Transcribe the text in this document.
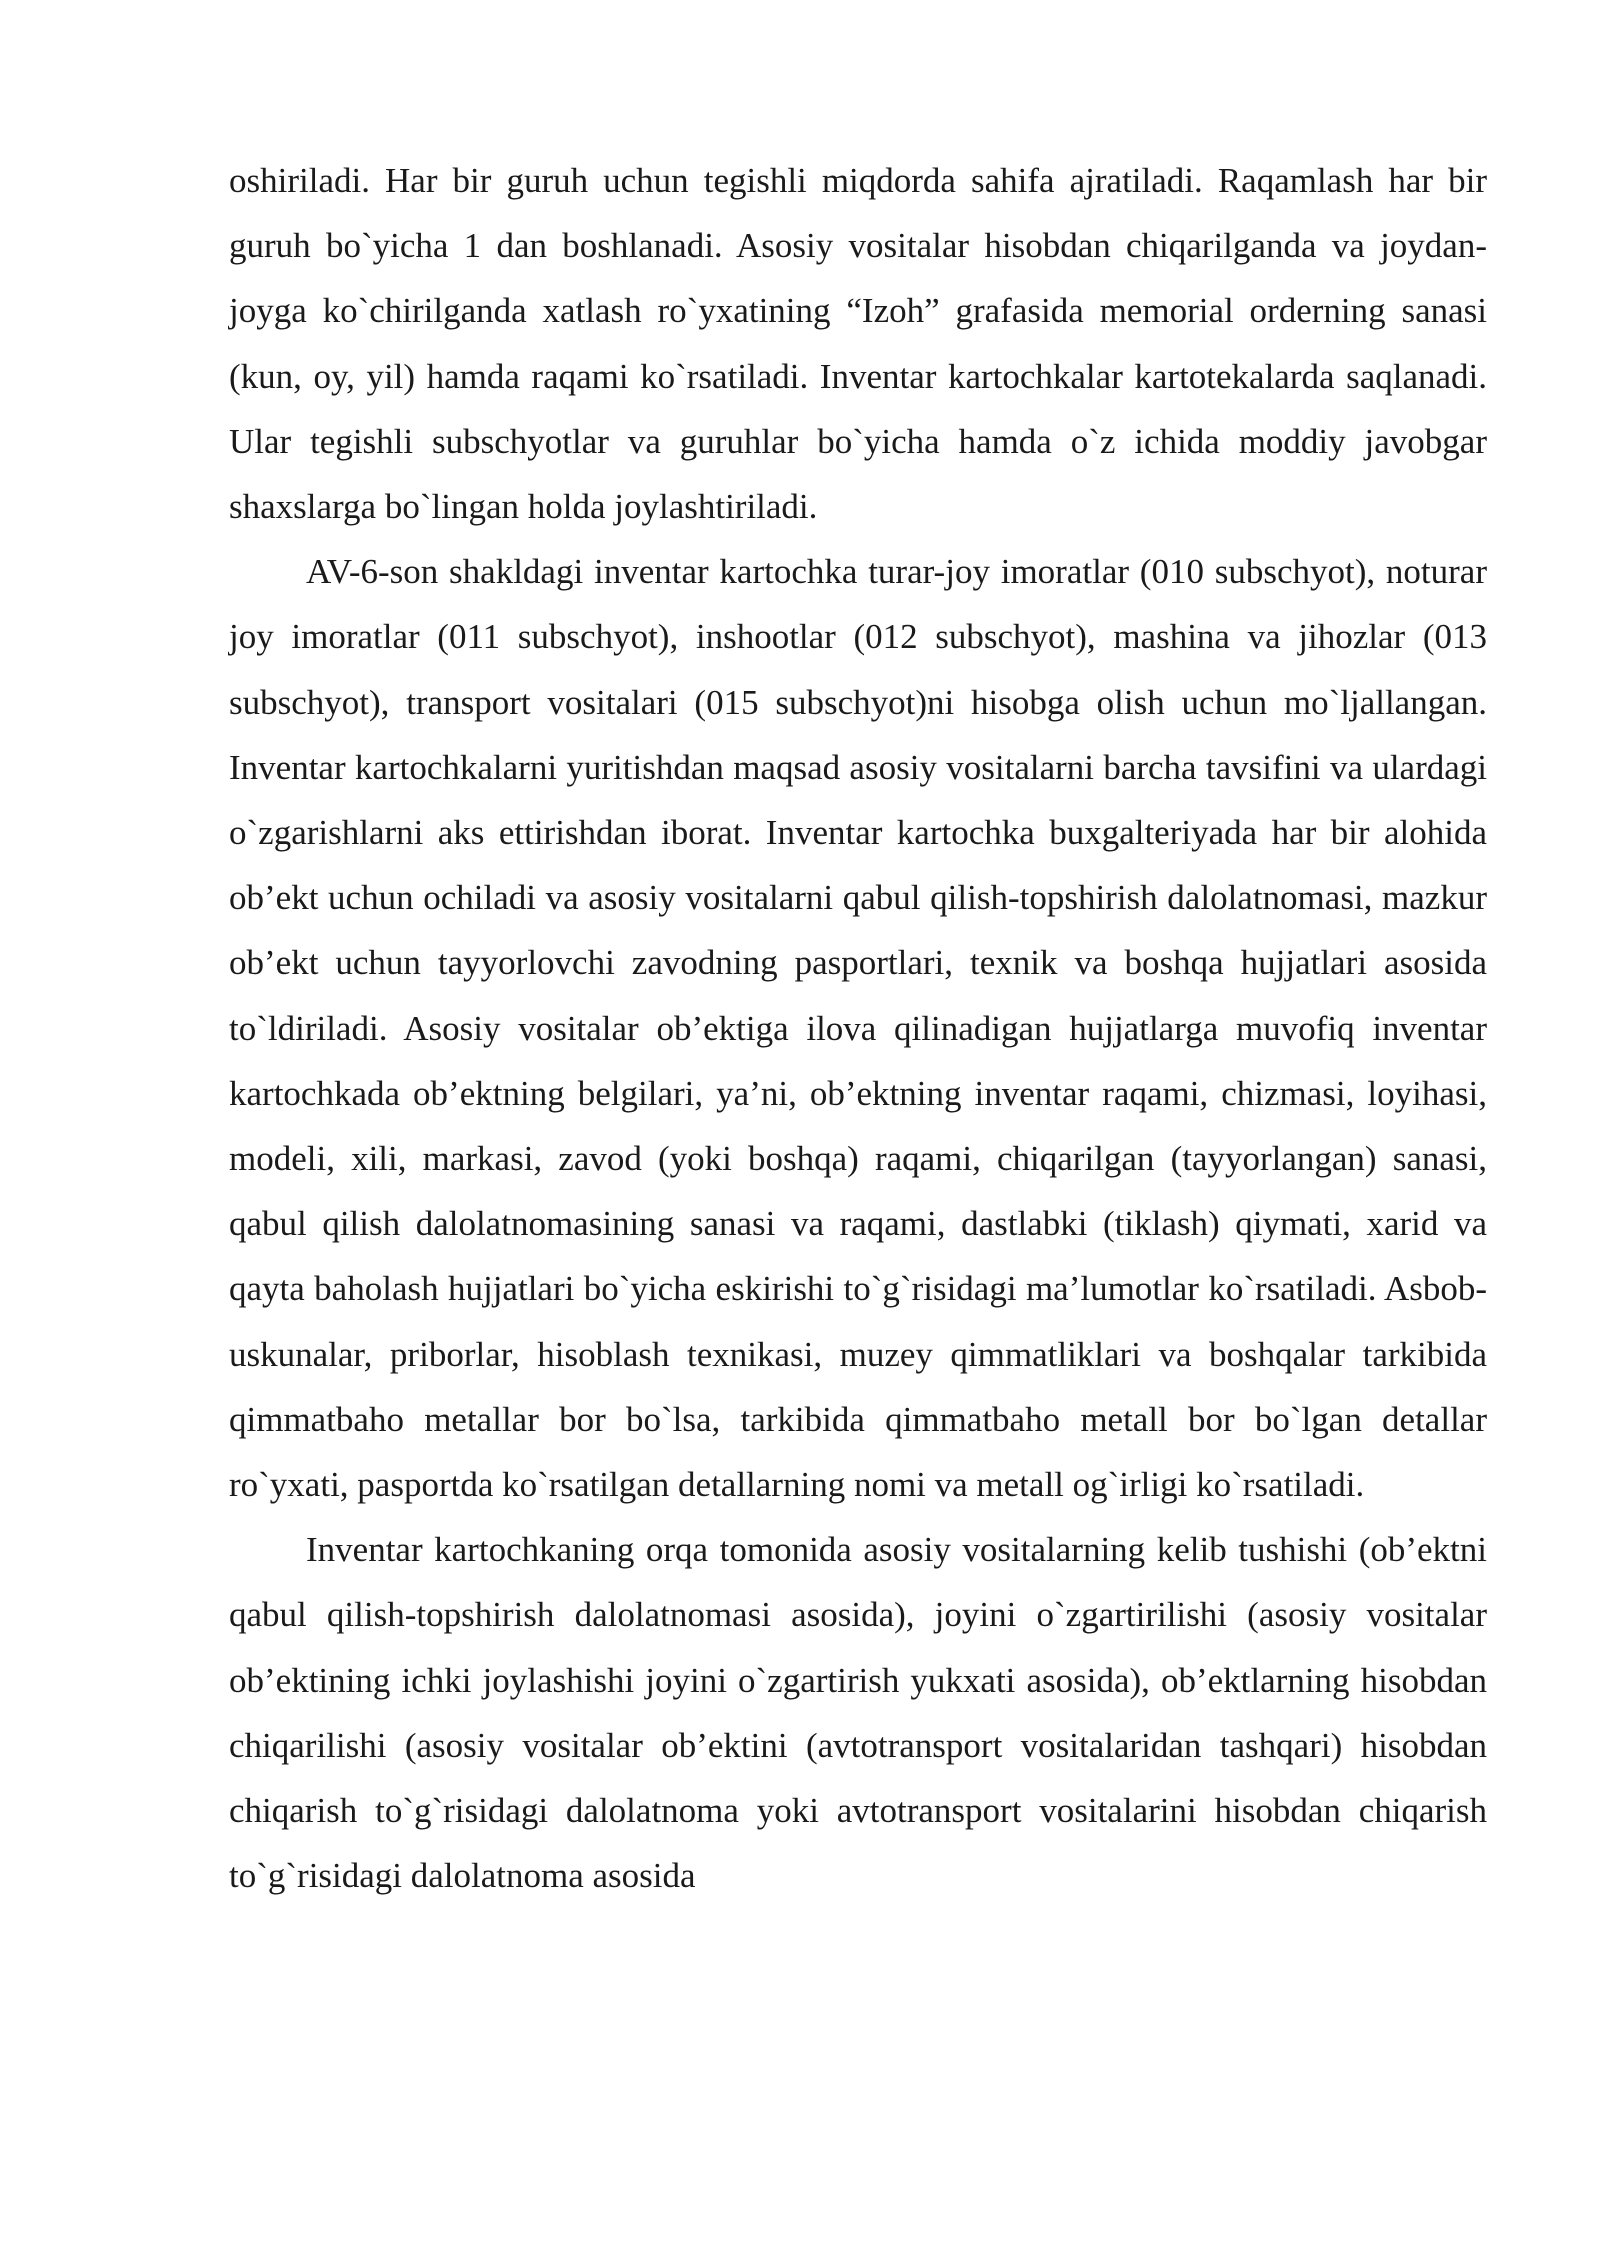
oshiriladi. Har bir guruh uchun tegishli miqdorda sahifa ajratiladi. Raqamlash har bir guruh bo`yicha 1 dan boshlanadi. Asosiy vositalar hisobdan chiqarilganda va joydan-joyga ko`chirilganda xatlash ro`yxatining “Izoh” grafasida memorial orderning sanasi (kun, oy, yil) hamda raqami ko`rsatiladi. Inventar kartochkalar kartotekalarda saqlanadi. Ular tegishli subschyotlar va guruhlar bo`yicha hamda o`z ichida moddiy javobgar shaxslarga bo`lingan holda joylashtiriladi.

AV-6-son shakldagi inventar kartochka turar-joy imoratlar (010 subschyot), noturar joy imoratlar (011 subschyot), inshootlar (012 subschyot), mashina va jihozlar (013 subschyot), transport vositalari (015 subschyot)ni hisobga olish uchun mo`ljallangan. Inventar kartochkalarni yuritishdan maqsad asosiy vositalarni barcha tavsifini va ulardagi o`zgarishlarni aks ettirishdan iborat. Inventar kartochka buxgalteriyada har bir alohida ob’ekt uchun ochiladi va asosiy vositalarni qabul qilish-topshirish dalolatnomasi, mazkur ob’ekt uchun tayyorlovchi zavodning pasportlari, texnik va boshqa hujjatlari asosida to`ldiriladi. Asosiy vositalar ob’ektiga ilova qilinadigan hujjatlarga muvofiq inventar kartochkada ob’ektning belgilari, ya’ni, ob’ektning inventar raqami, chizmasi, loyihasi, modeli, xili, markasi, zavod (yoki boshqa) raqami, chiqarilgan (tayyorlangan) sanasi, qabul qilish dalolatnomasining sanasi va raqami, dastlabki (tiklash) qiymati, xarid va qayta baholash hujjatlari bo`yicha eskirishi to`g`risidagi ma’lumotlar ko`rsatiladi. Asbob-uskunalar, priborlar, hisoblash texnikasi, muzey qimmatliklari va boshqalar tarkibida qimmatbaho metallar bor bo`lsa, tarkibida qimmatbaho metall bor bo`lgan detallar ro`yxati, pasportda ko`rsatilgan detallarning nomi va metall og`irligi ko`rsatiladi.

Inventar kartochkaning orqa tomonida asosiy vositalarning kelib tushishi (ob’ektni qabul qilish-topshirish dalolatnomasi asosida), joyini o`zgartirilishi (asosiy vositalar ob’ektining ichki joylashishi joyini o`zgartirish yukxati asosida), ob’ektlarning hisobdan chiqarilishi (asosiy vositalar ob’ektini (avtotransport vositalaridan tashqari) hisobdan chiqarish to`g`risidagi dalolatnoma yoki avtotransport vositalarini hisobdan chiqarish to`g`risidagi dalolatnoma asosida
